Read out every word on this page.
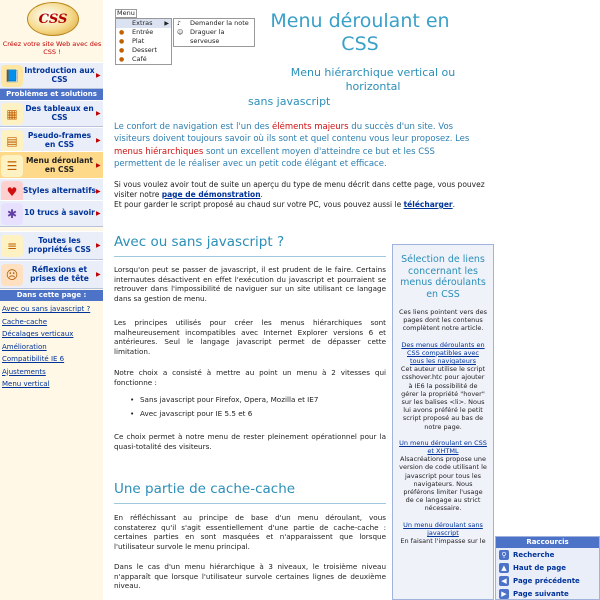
CSS
Créez votre site Web avec des CSS !
📘 Introduction aux CSS	▶
Problèmes et solutions
▦	Des tableaux en CSS	▶
▤	Pseudo-frames en CSS	▶
☰	Menu déroulant en CSS	▶
♥ Styles alternatifs ▶
✱ 10 trucs à savoir ▶
≡	Toutes les propriétés CSS ▶
☹	Réflexions et prises de tête	▶
Dans cette page :
Avec ou sans javascript ?
Cache-cache
Décalages verticaux
Amélioration
Compatibilité IE 6
Ajustements
Menu vertical
Menu
Extras ▶
● Entrée
● Plat
● Dessert
● Café
♪ Demander la note
☺ Draguer la serveuse
Menu déroulant en CSS
Menu hiérarchique vertical ou horizontal
sans javascript
Le confort de navigation est l'un des éléments majeurs du succès d'un site. Vos visiteurs doivent toujours savoir où ils sont et quel contenu vous leur proposez. Les menus hiérarchiques sont un excellent moyen d'atteindre ce but et les CSS permettent de le réaliser avec un petit code élégant et efficace.
Si vous voulez avoir tout de suite un aperçu du type de menu décrit dans cette page, vous pouvez visiter notre page de démonstration.
Et pour garder le script proposé au chaud sur votre PC, vous pouvez aussi le télécharger.
Avec ou sans javascript ?
Lorsqu'on peut se passer de javascript, il est prudent de le faire. Certains internautes désactivent en effet l'exécution du javascript et pourraient se retrouver dans l'impossibilité de naviguer sur un site utilisant ce langage dans sa gestion de menu.
Les principes utilisés pour créer les menus hiérarchiques sont malheureusement incompatibles avec Internet Explorer versions 6 et antérieures. Seul le langage javascript permet de dépasser cette limitation.
Notre choix a consisté à mettre au point un menu à 2 vitesses qui fonctionne :
• Sans javascript pour Firefox, Opera, Mozilla et IE7
• Avec javascript pour IE 5.5 et 6
Ce choix permet à notre menu de rester pleinement opérationnel pour la quasi-totalité des visiteurs.
Une partie de cache-cache
En réfléchissant au principe de base d'un menu déroulant, vous constaterez qu'il s'agit essentiellement d'une partie de cache-cache : certaines parties en sont masquées et n'apparaissent que lorsque l'utilisateur survole le menu principal.
Dans le cas d'un menu hiérarchique à 3 niveaux, le troisième niveau n'apparaît que lorsque l'utilisateur survole certaines lignes de deuxième niveau.
Sélection de liens concernant les menus déroulants en CSS
Ces liens pointent vers des pages dont les contenus complètent notre article.
Des menus déroulants en CSS compatibles avec tous les navigateurs
Cet auteur utilise le script csshover.htc pour ajouter à IE6 la possibilité de gérer la propriété "hover" sur les balises <li>. Nous lui avons préféré le petit script proposé au bas de notre page.
Un menu déroulant en CSS et XHTML
Alsacréations propose une version de code utilisant le javascript pour tous les navigateurs. Nous préférons limiter l'usage de ce langage au strict nécessaire.
Un menu déroulant sans javascript
En faisant l'impasse sur le	Raccourcis
⚲ Recherche
▲ Haut de page
◀ Page précédente
▶ Page suivante
